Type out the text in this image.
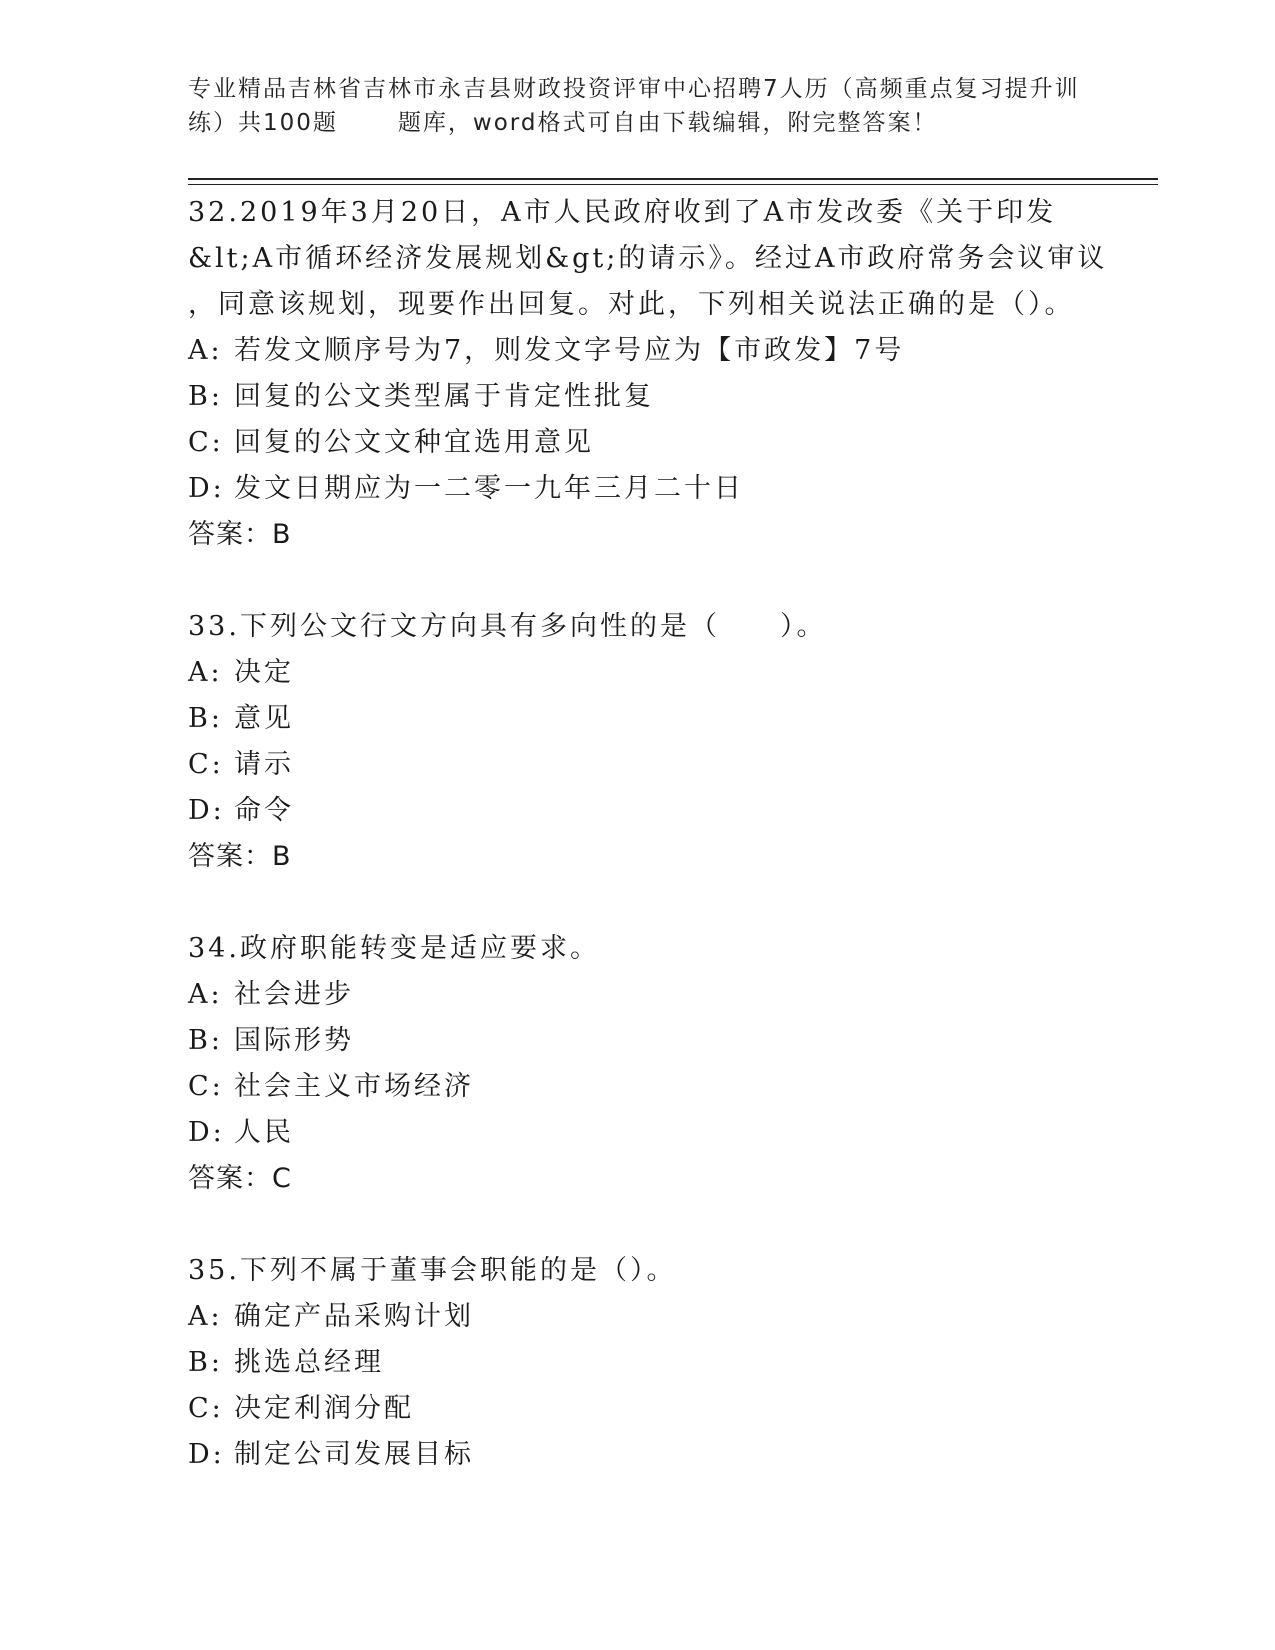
专业精品吉林省吉林市永吉县财政投资评审中心招聘7人历（高频重点复习提升训
练）共100题	题库，word格式可自由下载编辑，附完整答案！
32.2019年3月20日，A市人民政府收到了A市发改委《关于印发
&lt;A市循环经济发展规划&gt;的请示》。经过A市政府常务会议审议
，同意该规划，现要作出回复。对此，下列相关说法正确的是（）。
A: 若发文顺序号为7，则发文字号应为【市政发】7号
B: 回复的公文类型属于肯定性批复
C: 回复的公文文种宜选用意见
D: 发文日期应为一二零一九年三月二十日
答案：B
33.下列公文行文方向具有多向性的是（　　）。
A: 决定
B: 意见
C: 请示
D: 命令
答案：B
34.政府职能转变是适应要求。
A: 社会进步
B: 国际形势
C: 社会主义市场经济
D: 人民
答案：C
35.下列不属于董事会职能的是（）。
A: 确定产品采购计划
B: 挑选总经理
C: 决定利润分配
D: 制定公司发展目标
